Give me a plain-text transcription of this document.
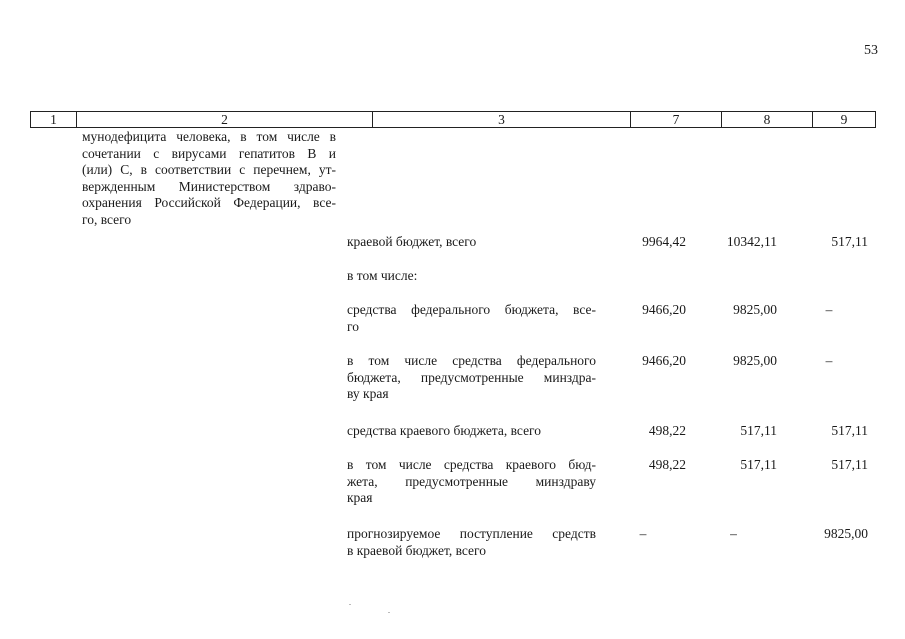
53
1	2	3	7	8	9
мунодефицита человека, в том числе в
сочетании с вирусами гепатитов В и
(или) С, в соответствии с перечнем, ут-
вержденным Министерством здраво-
охранения Российской Федерации, все-
го, всего
краевой бюджет, всего	9964,42	10342,11	517,11
в том числе:
средства федерального бюджета, все-
го
9466,20	9825,00	–
в том числе средства федерального
бюджета, предусмотренные минздра-
ву края
9466,20	9825,00	–
средства краевого бюджета, всего	498,22	517,11	517,11
в том числе средства краевого бюд-
жета, предусмотренные минздраву
края
498,22	517,11	517,11
прогнозируемое поступление средств
в краевой бюджет, всего
–	–	9825,00
